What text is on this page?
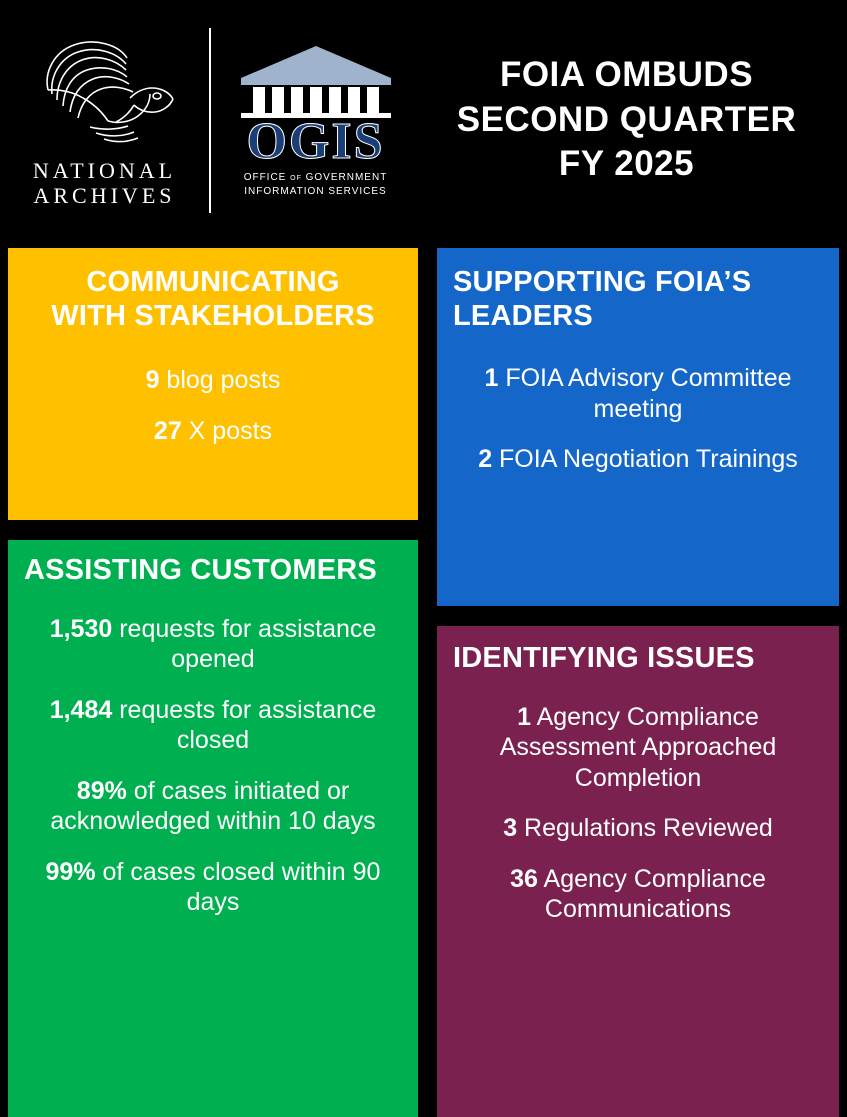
NATIONAL
ARCHIVES
OGIS
OFFICE of GOVERNMENT
INFORMATION SERVICES
FOIA OMBUDS
SECOND QUARTER
FY 2025
COMMUNICATING
WITH STAKEHOLDERS
9 blog posts
27 X posts
ASSISTING CUSTOMERS
1,530 requests for assistance opened
1,484 requests for assistance closed
89% of cases initiated or acknowledged within 10 days
99% of cases closed within 90 days
SUPPORTING FOIA’S
LEADERS
1 FOIA Advisory Committee meeting
2 FOIA Negotiation Trainings
IDENTIFYING ISSUES
1 Agency Compliance Assessment Approached Completion
3 Regulations Reviewed
36 Agency Compliance Communications
